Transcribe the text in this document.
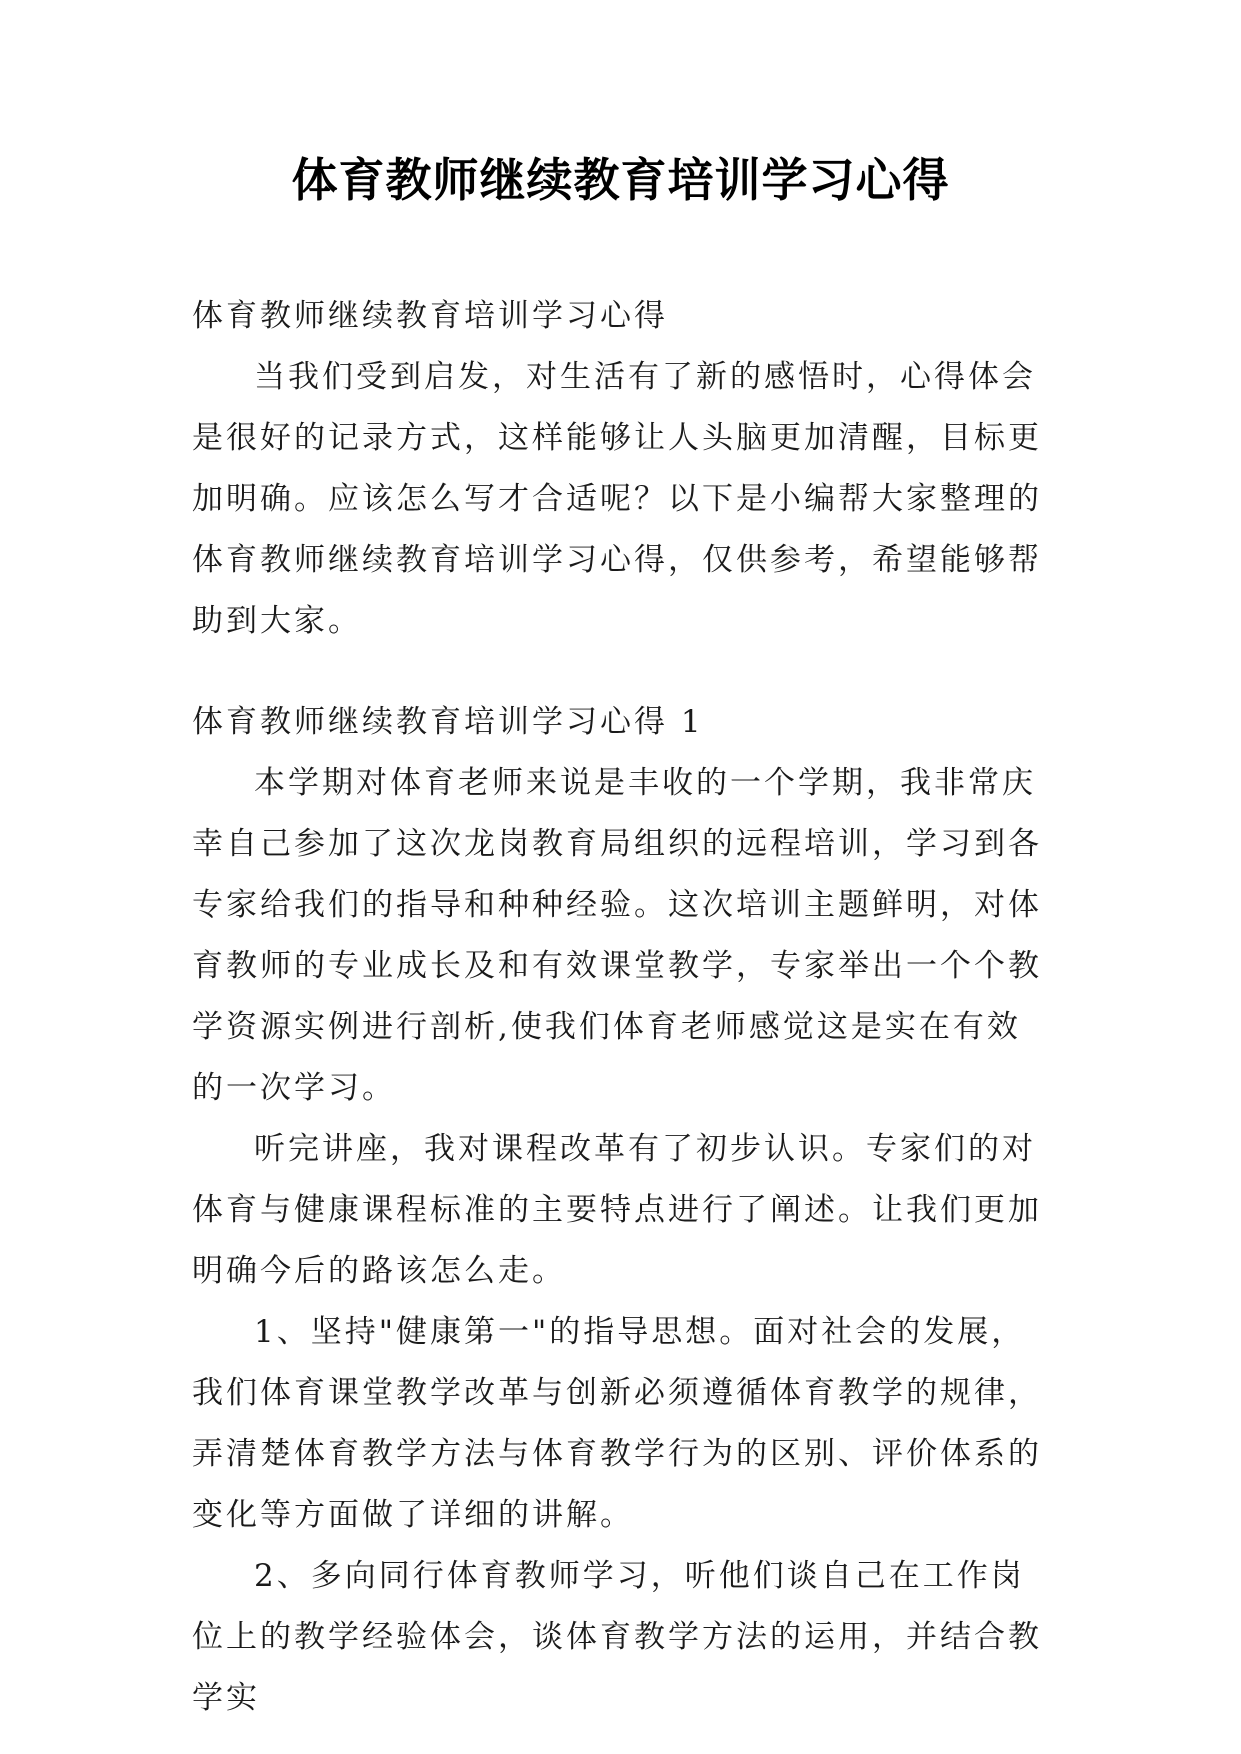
体育教师继续教育培训学习心得

体育教师继续教育培训学习心得

当我们受到启发，对生活有了新的感悟时，心得体会是很好的记录方式，这样能够让人头脑更加清醒，目标更加明确。应该怎么写才合适呢？以下是小编帮大家整理的体育教师继续教育培训学习心得，仅供参考，希望能够帮助到大家。

体育教师继续教育培训学习心得 1

本学期对体育老师来说是丰收的一个学期，我非常庆幸自己参加了这次龙岗教育局组织的远程培训，学习到各专家给我们的指导和种种经验。这次培训主题鲜明，对体育教师的专业成长及和有效课堂教学，专家举出一个个教学资源实例进行剖析,使我们体育老师感觉这是实在有效的一次学习。

听完讲座，我对课程改革有了初步认识。专家们的对体育与健康课程标准的主要特点进行了阐述。让我们更加明确今后的路该怎么走。

1、坚持"健康第一"的指导思想。面对社会的发展，我们体育课堂教学改革与创新必须遵循体育教学的规律，弄清楚体育教学方法与体育教学行为的区别、评价体系的变化等方面做了详细的讲解。

2、多向同行体育教师学习，听他们谈自己在工作岗位上的教学经验体会，谈体育教学方法的运用，并结合教学实
